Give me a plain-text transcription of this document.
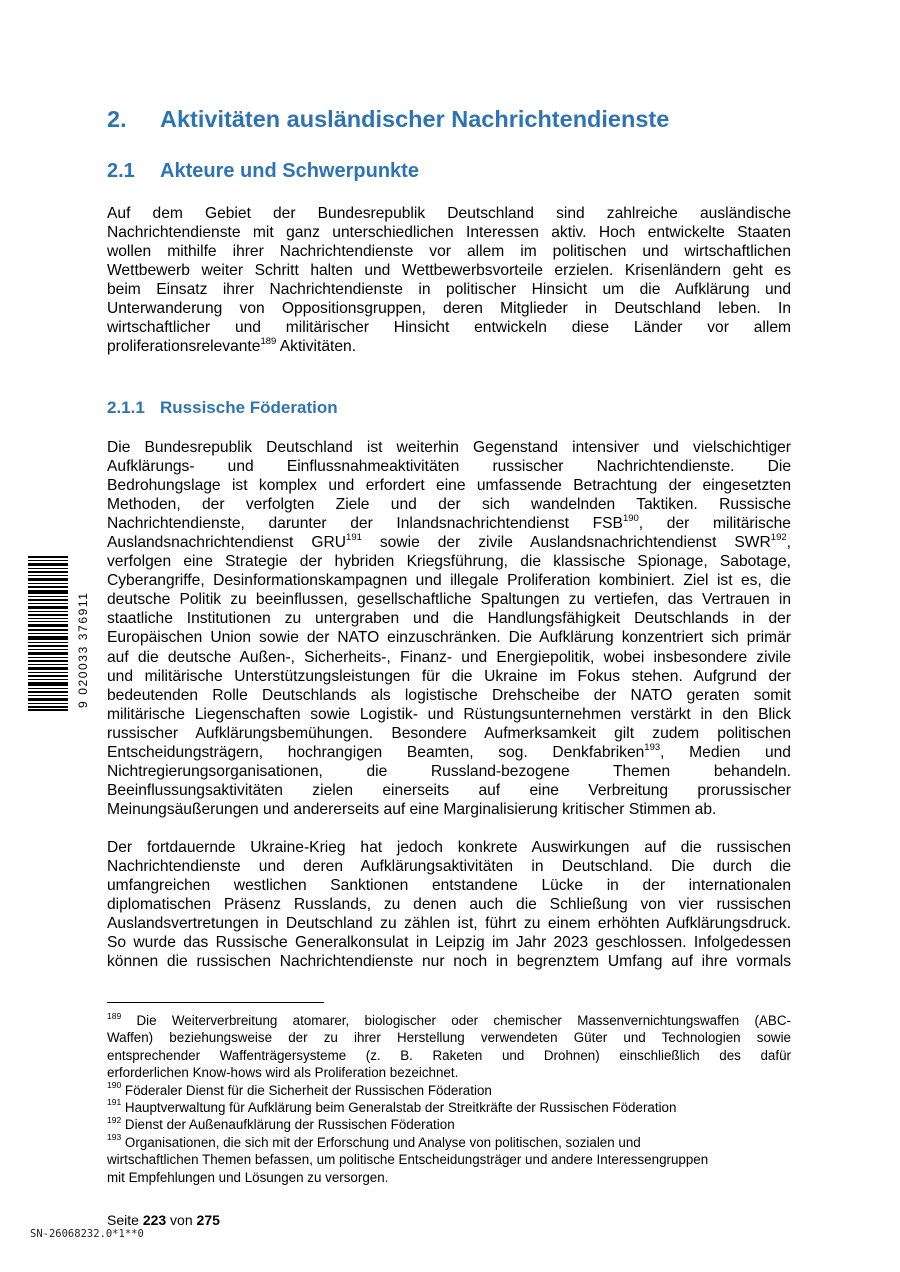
2. Aktivitäten ausländischer Nachrichtendienste
2.1 Akteure und Schwerpunkte
Auf dem Gebiet der Bundesrepublik Deutschland sind zahlreiche ausländische
Nachrichtendienste mit ganz unterschiedlichen Interessen aktiv. Hoch entwickelte Staaten
wollen mithilfe ihrer Nachrichtendienste vor allem im politischen und wirtschaftlichen
Wettbewerb weiter Schritt halten und Wettbewerbsvorteile erzielen. Krisenländern geht es
beim Einsatz ihrer Nachrichtendienste in politischer Hinsicht um die Aufklärung und
Unterwanderung von Oppositionsgruppen, deren Mitglieder in Deutschland leben. In
wirtschaftlicher und militärischer Hinsicht entwickeln diese Länder vor allem
proliferationsrelevante$^{189}$ Aktivitäten.
2.1.1 Russische Föderation
Die Bundesrepublik Deutschland ist weiterhin Gegenstand intensiver und vielschichtiger
Aufklärungs- und Einflussnahmeaktivitäten russischer Nachrichtendienste. Die
Bedrohungslage ist komplex und erfordert eine umfassende Betrachtung der eingesetzten
Methoden, der verfolgten Ziele und der sich wandelnden Taktiken. Russische
Nachrichtendienste, darunter der Inlandsnachrichtendienst FSB$^{190}$, der militärische
Auslandsnachrichtendienst GRU$^{191}$ sowie der zivile Auslandsnachrichtendienst SWR$^{192}$,
verfolgen eine Strategie der hybriden Kriegsführung, die klassische Spionage, Sabotage,
Cyberangriffe, Desinformationskampagnen und illegale Proliferation kombiniert. Ziel ist es, die
deutsche Politik zu beeinflussen, gesellschaftliche Spaltungen zu vertiefen, das Vertrauen in
staatliche Institutionen zu untergraben und die Handlungsfähigkeit Deutschlands in der
Europäischen Union sowie der NATO einzuschränken. Die Aufklärung konzentriert sich primär
auf die deutsche Außen-, Sicherheits-, Finanz- und Energiepolitik, wobei insbesondere zivile
und militärische Unterstützungsleistungen für die Ukraine im Fokus stehen. Aufgrund der
bedeutenden Rolle Deutschlands als logistische Drehscheibe der NATO geraten somit
militärische Liegenschaften sowie Logistik- und Rüstungsunternehmen verstärkt in den Blick
russischer Aufklärungsbemühungen. Besondere Aufmerksamkeit gilt zudem politischen
Entscheidungsträgern, hochrangigen Beamten, sog. Denkfabriken$^{193}$, Medien und
Nichtregierungsorganisationen, die Russland-bezogene Themen behandeln.
Beeinflussungsaktivitäten zielen einerseits auf eine Verbreitung prorussischer
Meinungsäußerungen und andererseits auf eine Marginalisierung kritischer Stimmen ab.
Der fortdauernde Ukraine-Krieg hat jedoch konkrete Auswirkungen auf die russischen
Nachrichtendienste und deren Aufklärungsaktivitäten in Deutschland. Die durch die
umfangreichen westlichen Sanktionen entstandene Lücke in der internationalen
diplomatischen Präsenz Russlands, zu denen auch die Schließung von vier russischen
Auslandsvertretungen in Deutschland zu zählen ist, führt zu einem erhöhten Aufklärungsdruck.
So wurde das Russische Generalkonsulat in Leipzig im Jahr 2023 geschlossen. Infolgedessen
können die russischen Nachrichtendienste nur noch in begrenztem Umfang auf ihre vormals
$^{189}$ Die Weiterverbreitung atomarer, biologischer oder chemischer Massenvernichtungswaffen (ABC-
Waffen) beziehungsweise der zu ihrer Herstellung verwendeten Güter und Technologien sowie
entsprechender Waffenträgersysteme (z. B. Raketen und Drohnen) einschließlich des dafür
erforderlichen Know-hows wird als Proliferation bezeichnet.
$^{190}$ Föderaler Dienst für die Sicherheit der Russischen Föderation
$^{191}$ Hauptverwaltung für Aufklärung beim Generalstab der Streitkräfte der Russischen Föderation
$^{192}$ Dienst der Außenaufklärung der Russischen Föderation
$^{193}$ Organisationen, die sich mit der Erforschung und Analyse von politischen, sozialen und
wirtschaftlichen Themen befassen, um politische Entscheidungsträger und andere Interessengruppen
mit Empfehlungen und Lösungen zu versorgen.
Seite 223 von 275
SN-26068232.0*1**0
9 020033 376911
